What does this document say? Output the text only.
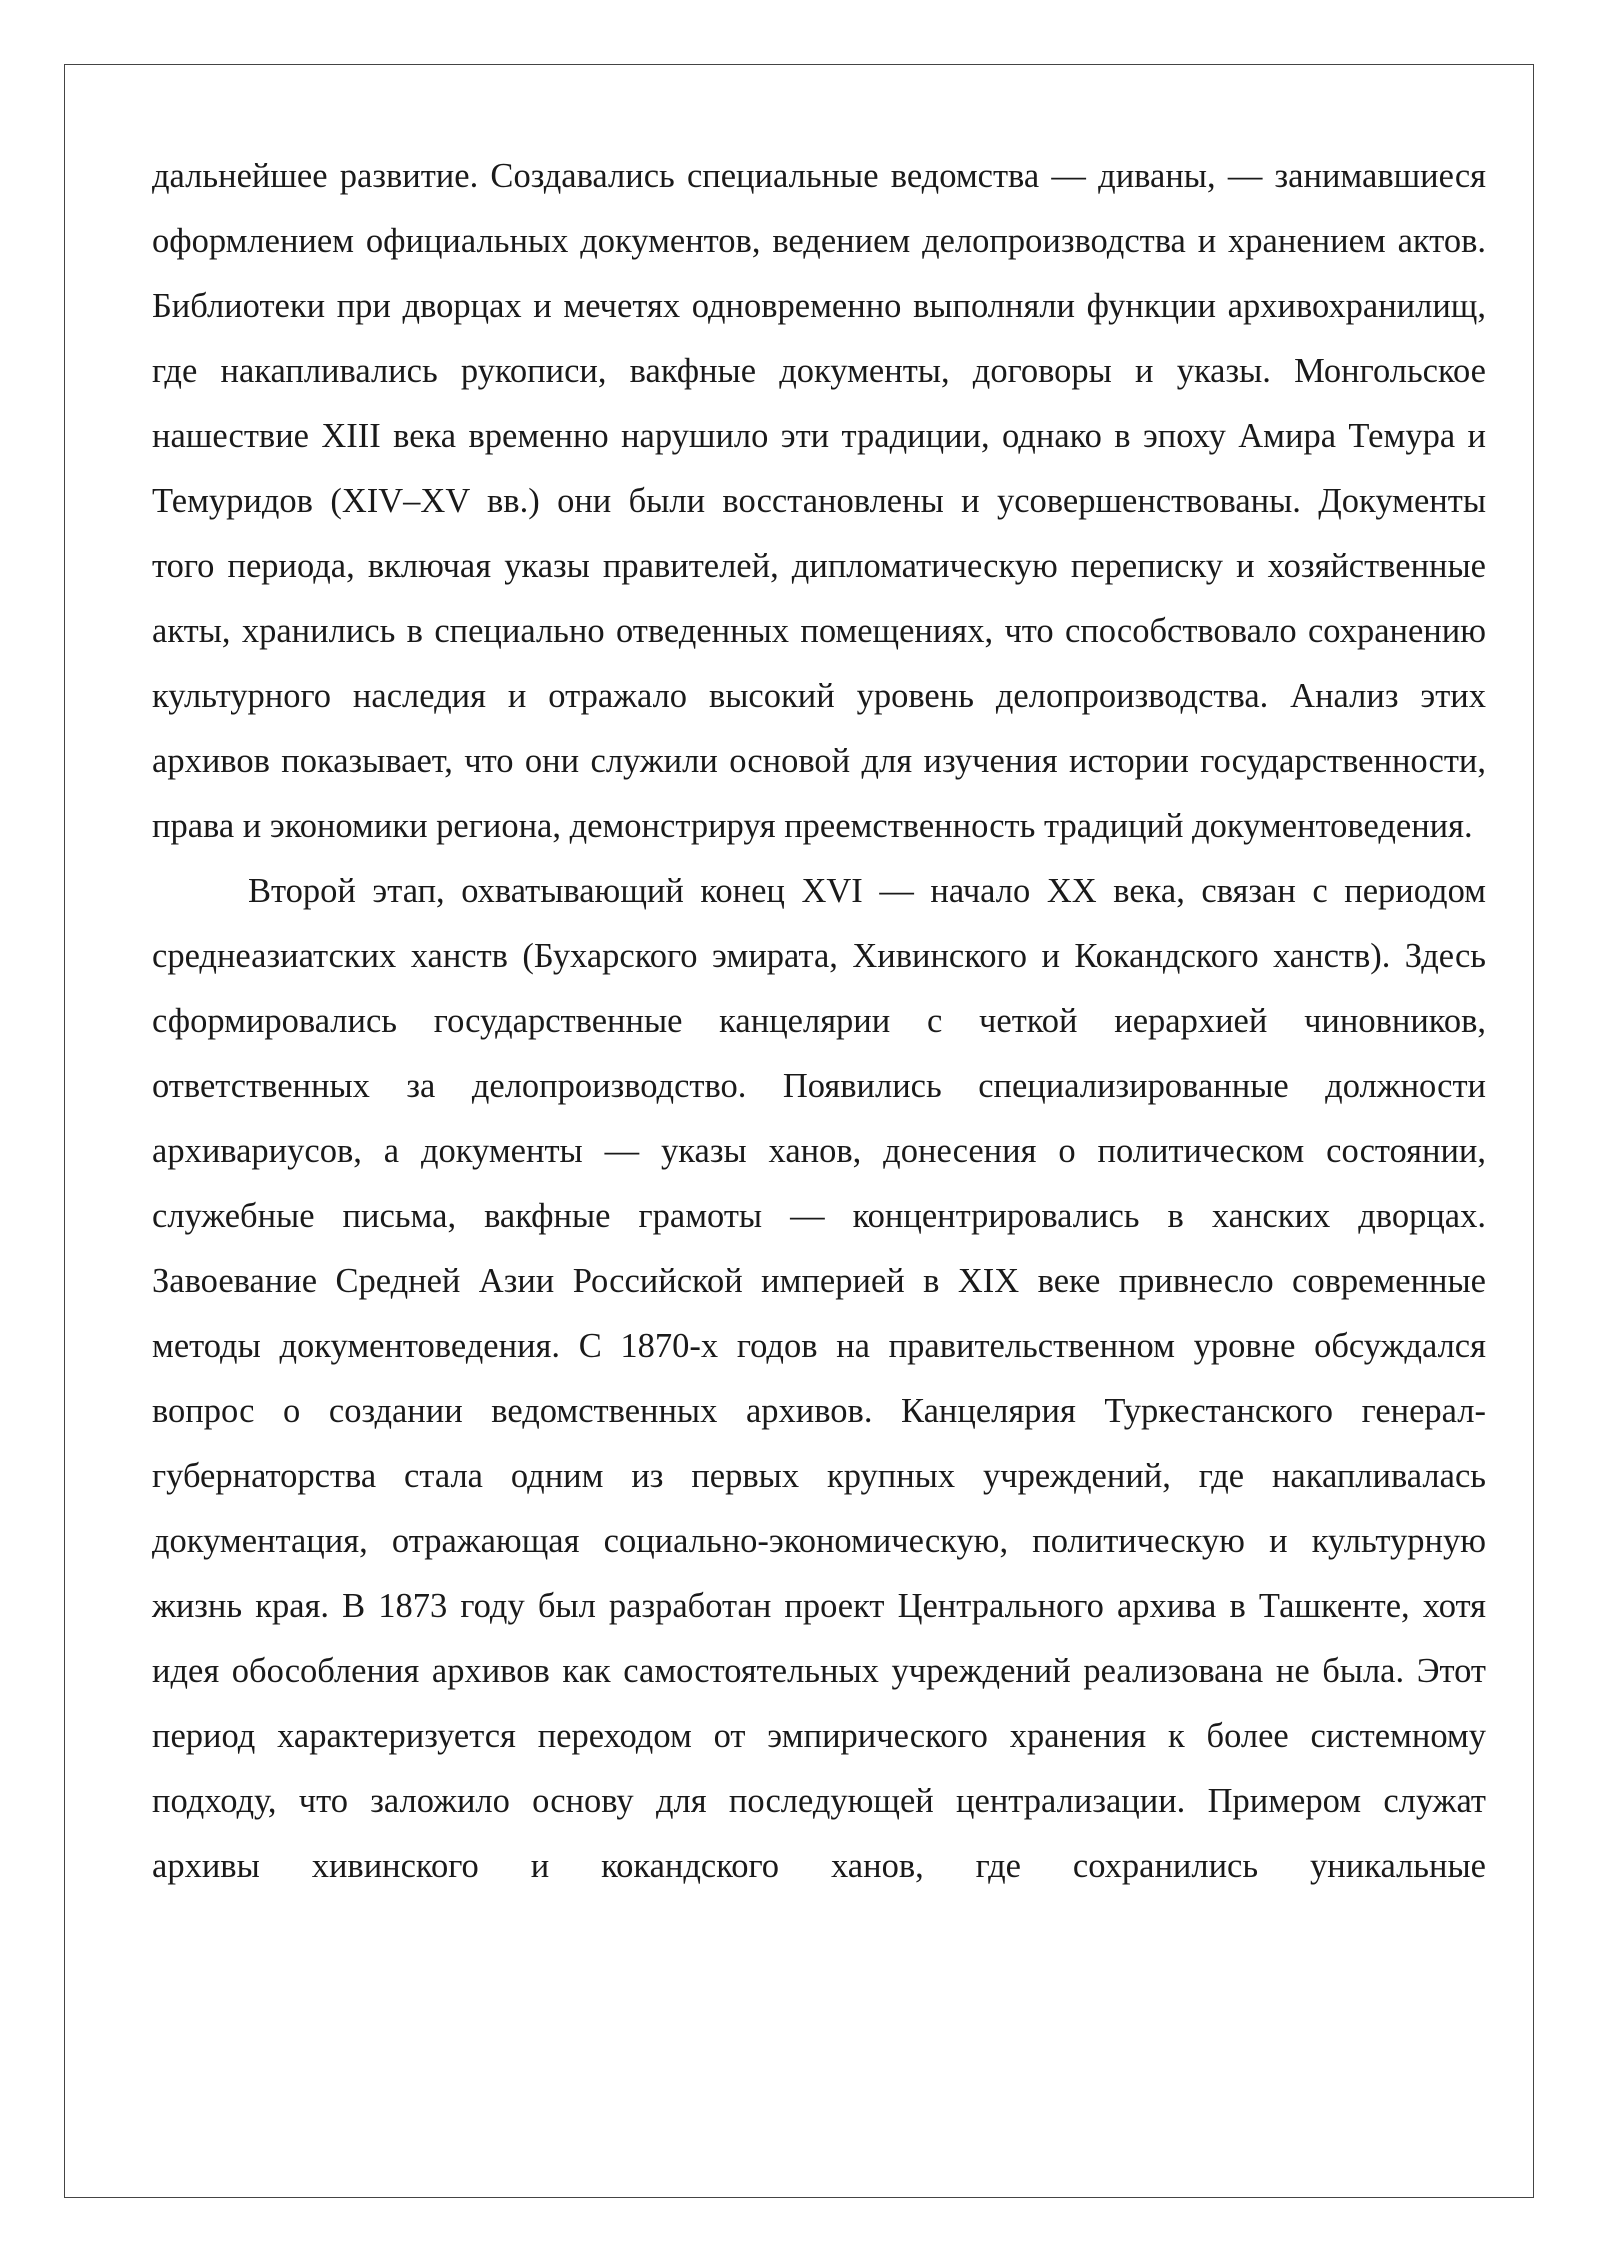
дальнейшее развитие. Создавались специальные ведомства — диваны, — занимавшиеся оформлением официальных документов, ведением делопроизводства и хранением актов. Библиотеки при дворцах и мечетях одновременно выполняли функции архивохранилищ, где накапливались рукописи, вакфные документы, договоры и указы. Монгольское нашествие XIII века временно нарушило эти традиции, однако в эпоху Амира Темура и Темуридов (XIV–XV вв.) они были восстановлены и усовершенствованы. Документы того периода, включая указы правителей, дипломатическую переписку и хозяйственные акты, хранились в специально отведенных помещениях, что способствовало сохранению культурного наследия и отражало высокий уровень делопроизводства. Анализ этих архивов показывает, что они служили основой для изучения истории государственности, права и экономики региона, демонстрируя преемственность традиций документоведения.

Второй этап, охватывающий конец XVI — начало XX века, связан с периодом среднеазиатских ханств (Бухарского эмирата, Хивинского и Кокандского ханств). Здесь сформировались государственные канцелярии с четкой иерархией чиновников, ответственных за делопроизводство. Появились специализированные должности архивариусов, а документы — указы ханов, донесения о политическом состоянии, служебные письма, вакфные грамоты — концентрировались в ханских дворцах. Завоевание Средней Азии Российской империей в XIX веке привнесло современные методы документоведения. С 1870-х годов на правительственном уровне обсуждался вопрос о создании ведомственных архивов. Канцелярия Туркестанского генерал-губернаторства стала одним из первых крупных учреждений, где накапливалась документация, отражающая социально-экономическую, политическую и культурную жизнь края. В 1873 году был разработан проект Центрального архива в Ташкенте, хотя идея обособления архивов как самостоятельных учреждений реализована не была. Этот период характеризуется переходом от эмпирического хранения к более системному подходу, что заложило основу для последующей централизации. Примером служат архивы хивинского и кокандского ханов, где сохранились уникальные
